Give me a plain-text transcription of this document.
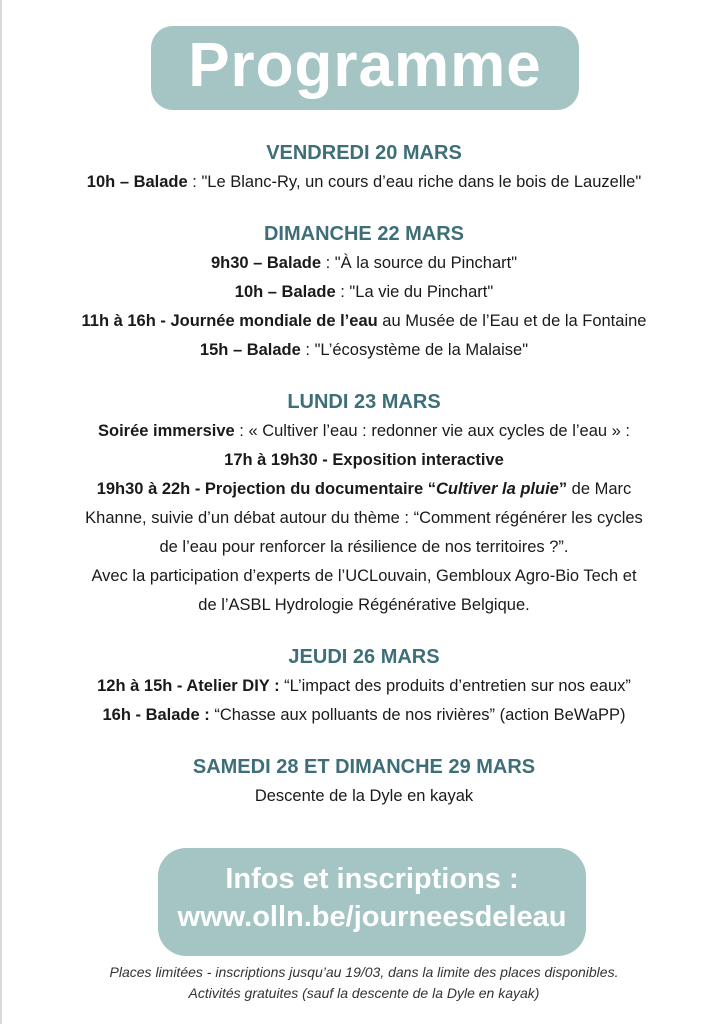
Programme
VENDREDI 20 MARS
10h – Balade : "Le Blanc-Ry, un cours d’eau riche dans le bois de Lauzelle"
DIMANCHE 22 MARS
9h30 – Balade : "À la source du Pinchart"
10h – Balade : "La vie du Pinchart"
11h à 16h - Journée mondiale de l’eau au Musée de l’Eau et de la Fontaine
15h – Balade : "L’écosystème de la Malaise"
LUNDI 23 MARS
Soirée immersive : « Cultiver l’eau : redonner vie aux cycles de l’eau » :
17h à 19h30 - Exposition interactive
19h30 à 22h - Projection du documentaire “Cultiver la pluie” de Marc
Khanne, suivie d’un débat autour du thème : “Comment régénérer les cycles
de l’eau pour renforcer la résilience de nos territoires ?”.
Avec la participation d’experts de l’UCLouvain, Gembloux Agro-Bio Tech et
de l’ASBL Hydrologie Régénérative Belgique.
JEUDI 26 MARS
12h à 15h - Atelier DIY : “L’impact des produits d’entretien sur nos eaux”
16h - Balade : “Chasse aux polluants de nos rivières” (action BeWaPP)
SAMEDI 28 ET DIMANCHE 29 MARS
Descente de la Dyle en kayak
Infos et inscriptions :
www.olln.be/journeesdeleau
Places limitées - inscriptions jusqu’au 19/03, dans la limite des places disponibles.
Activités gratuites (sauf la descente de la Dyle en kayak)
